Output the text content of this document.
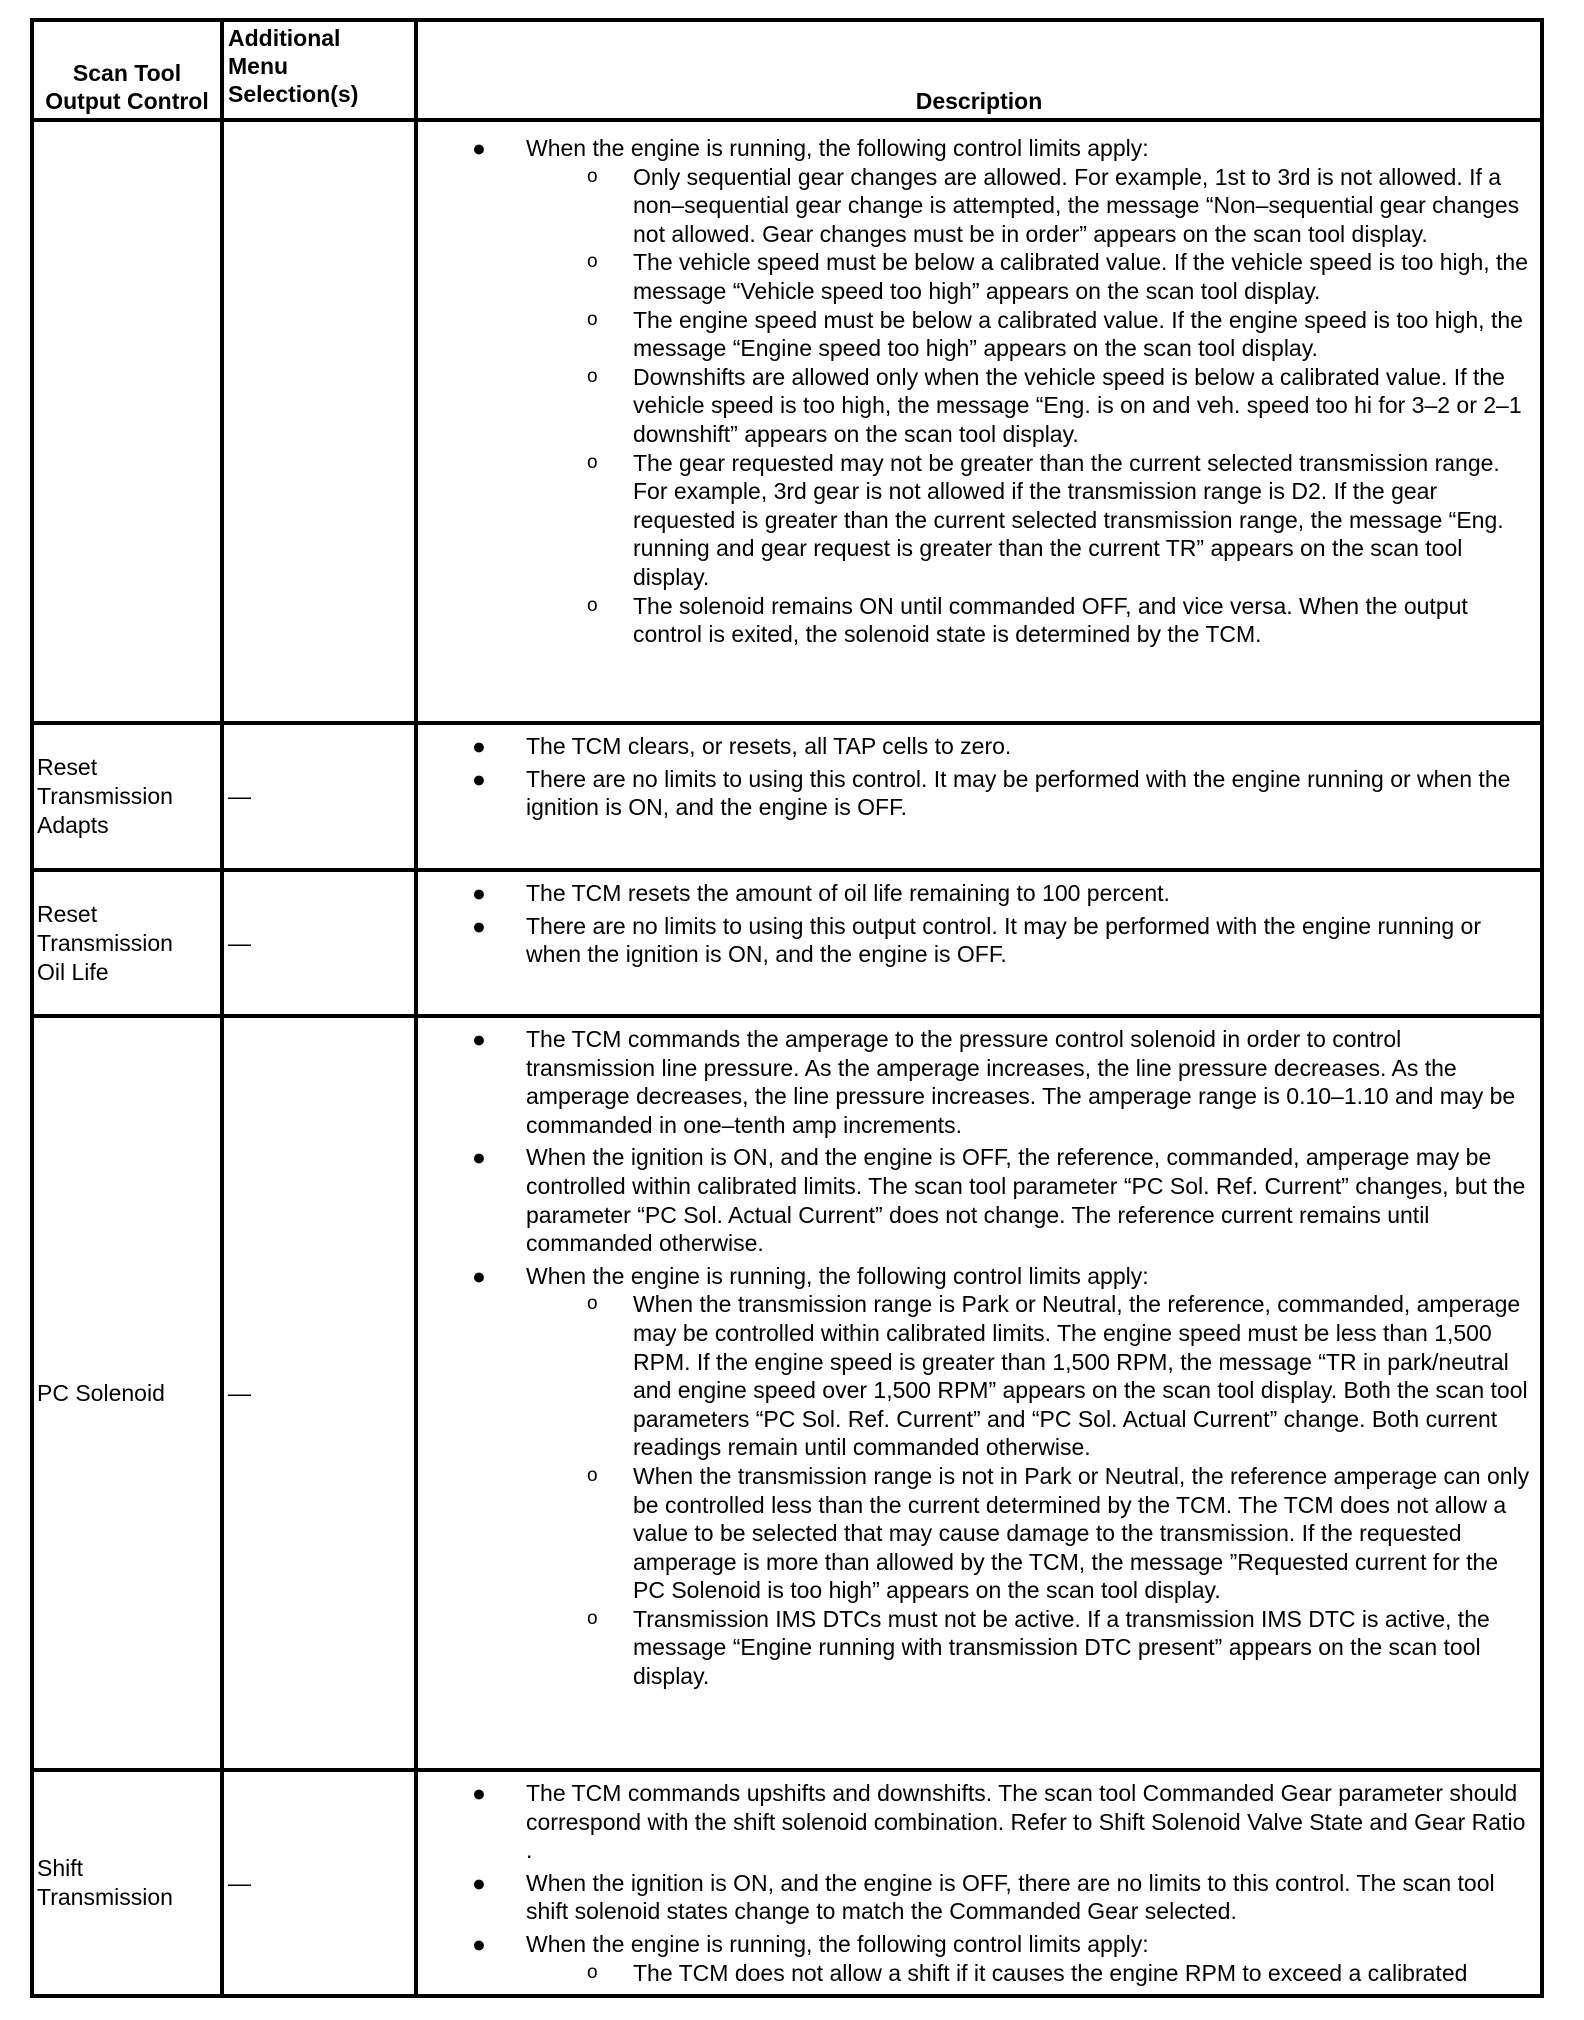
Scan Tool
Output Control
Additional
Menu
Selection(s)	Description
● When the engine is running, the following control limits apply:
o Only sequential gear changes are allowed. For example, 1st to 3rd is not allowed. If a non–sequential gear change is attempted, the message “Non–sequential gear changes not allowed. Gear changes must be in order” appears on the scan tool display.
o The vehicle speed must be below a calibrated value. If the vehicle speed is too high, the message “Vehicle speed too high” appears on the scan tool display.
o The engine speed must be below a calibrated value. If the engine speed is too high, the message “Engine speed too high” appears on the scan tool display.
o Downshifts are allowed only when the vehicle speed is below a calibrated value. If the vehicle speed is too high, the message “Eng. is on and veh. speed too hi for 3–2 or 2–1 downshift” appears on the scan tool display.
o The gear requested may not be greater than the current selected transmission range. For example, 3rd gear is not allowed if the transmission range is D2. If the gear requested is greater than the current selected transmission range, the message “Eng. running and gear request is greater than the current TR” appears on the scan tool display.
o The solenoid remains ON until commanded OFF, and vice versa. When the output control is exited, the solenoid state is determined by the TCM.
Reset Transmission Adapts
—
● The TCM clears, or resets, all TAP cells to zero.
● There are no limits to using this control. It may be performed with the engine running or when the ignition is ON, and the engine is OFF.
Reset Transmission Oil Life
—
● The TCM resets the amount of oil life remaining to 100 percent.
● There are no limits to using this output control. It may be performed with the engine running or when the ignition is ON, and the engine is OFF.
PC Solenoid	—
● The TCM commands the amperage to the pressure control solenoid in order to control transmission line pressure. As the amperage increases, the line pressure decreases. As the amperage decreases, the line pressure increases. The amperage range is 0.10–1.10 and may be commanded in one–tenth amp increments.
● When the ignition is ON, and the engine is OFF, the reference, commanded, amperage may be controlled within calibrated limits. The scan tool parameter “PC Sol. Ref. Current” changes, but the parameter “PC Sol. Actual Current” does not change. The reference current remains until commanded otherwise.
● When the engine is running, the following control limits apply:
o When the transmission range is Park or Neutral, the reference, commanded, amperage may be controlled within calibrated limits. The engine speed must be less than 1,500 RPM. If the engine speed is greater than 1,500 RPM, the message “TR in park/neutral and engine speed over 1,500 RPM” appears on the scan tool display. Both the scan tool parameters “PC Sol. Ref. Current” and “PC Sol. Actual Current” change. Both current readings remain until commanded otherwise.
o When the transmission range is not in Park or Neutral, the reference amperage can only be controlled less than the current determined by the TCM. The TCM does not allow a value to be selected that may cause damage to the transmission. If the requested amperage is more than allowed by the TCM, the message ”Requested current for the PC Solenoid is too high” appears on the scan tool display.
o Transmission IMS DTCs must not be active. If a transmission IMS DTC is active, the message “Engine running with transmission DTC present” appears on the scan tool display.
Shift Transmission
—
● The TCM commands upshifts and downshifts. The scan tool Commanded Gear parameter should correspond with the shift solenoid combination. Refer to Shift Solenoid Valve State and Gear Ratio .
● When the ignition is ON, and the engine is OFF, there are no limits to this control. The scan tool shift solenoid states change to match the Commanded Gear selected.
● When the engine is running, the following control limits apply:
o The TCM does not allow a shift if it causes the engine RPM to exceed a calibrated
